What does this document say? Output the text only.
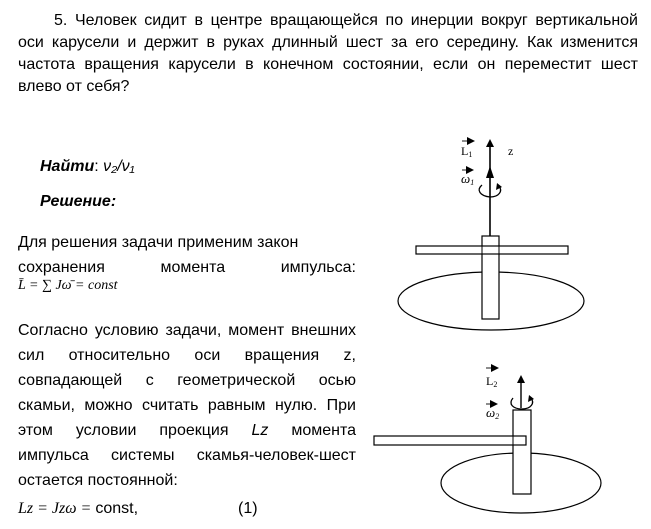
5. Человек сидит в центре вращающейся по инерции вокруг вертикальной оси карусели и держит в руках длинный шест за его середину. Как изменится частота вращения карусели в конечном состоянии, если он переместит шест влево от себя?
Найти: ν₂/ν₁
Решение:
Для решения задачи применим закон
сохранения	момента	импульса:
L̄ = ∑ Jω̄ = const
Согласно условию задачи, момент внешних сил относительно оси вращения z, совпадающей с геометрической осью скамьи, можно считать равным нулю. При этом условии проекция Lz момента импульса системы скамья-человек-шест остается постоянной:
Lz = Jzω = const,	(1)
L1	z
ω1
L2
ω2
